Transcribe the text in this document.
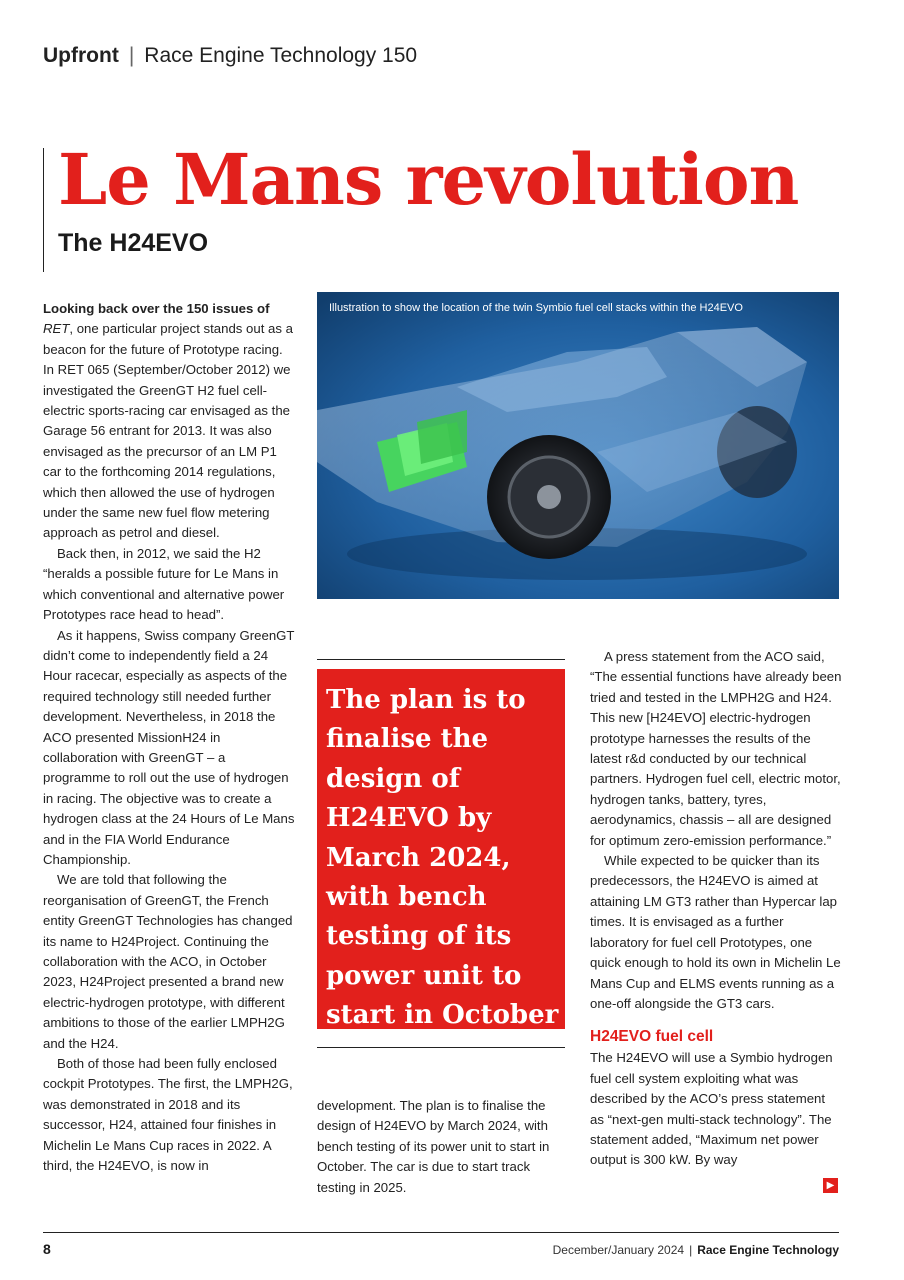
Upfront | Race Engine Technology 150
Le Mans revolution
The H24EVO

Looking back over the 150 issues of RET, one particular project stands out as a beacon for the future of Prototype racing. In RET 065 (September/October 2012) we investigated the GreenGT H2 fuel cell-electric sports-racing car envisaged as the Garage 56 entrant for 2013. It was also envisaged as the precursor of an LM P1 car to the forthcoming 2014 regulations, which then allowed the use of hydrogen under the same new fuel flow metering approach as petrol and diesel.

Back then, in 2012, we said the H2 “heralds a possible future for Le Mans in which conventional and alternative power Prototypes race head to head”.

As it happens, Swiss company GreenGT didn’t come to independently field a 24 Hour racecar, especially as aspects of the required technology still needed further development. Nevertheless, in 2018 the ACO presented MissionH24 in collaboration with GreenGT – a programme to roll out the use of hydrogen in racing. The objective was to create a hydrogen class at the 24 Hours of Le Mans and in the FIA World Endurance Championship.

We are told that following the reorganisation of GreenGT, the French entity GreenGT Technologies has changed its name to H24Project. Continuing the collaboration with the ACO, in October 2023, H24Project presented a brand new electric-hydrogen prototype, with different ambitions to those of the earlier LMPH2G and the H24.

Both of those had been fully enclosed cockpit Prototypes. The first, the LMPH2G, was demonstrated in 2018 and its successor, H24, attained four finishes in Michelin Le Mans Cup races in 2022. A third, the H24EVO, is now in

Illustration to show the location of the twin Symbio fuel cell stacks within the H24EVO
The plan is to finalise the design of H24EVO by March 2024, with bench testing of its power unit to start in October

development. The plan is to finalise the design of H24EVO by March 2024, with bench testing of its power unit to start in October. The car is due to start track testing in 2025.

A press statement from the ACO said, “The essential functions have already been tried and tested in the LMPH2G and H24. This new [H24EVO] electric-hydrogen prototype harnesses the results of the latest r&d conducted by our technical partners. Hydrogen fuel cell, electric motor, hydrogen tanks, battery, tyres, aerodynamics, chassis – all are designed for optimum zero-emission performance.”

While expected to be quicker than its predecessors, the H24EVO is aimed at attaining LM GT3 rather than Hypercar lap times. It is envisaged as a further laboratory for fuel cell Prototypes, one quick enough to hold its own in Michelin Le Mans Cup and ELMS events running as a one-off alongside the GT3 cars.

H24EVO fuel cell

The H24EVO will use a Symbio hydrogen fuel cell system exploiting what was described by the ACO’s press statement as “next-gen multi-stack technology”. The statement added, “Maximum net power output is 300 kW. By way

▶
8	December/January 2024 | Race Engine Technology
